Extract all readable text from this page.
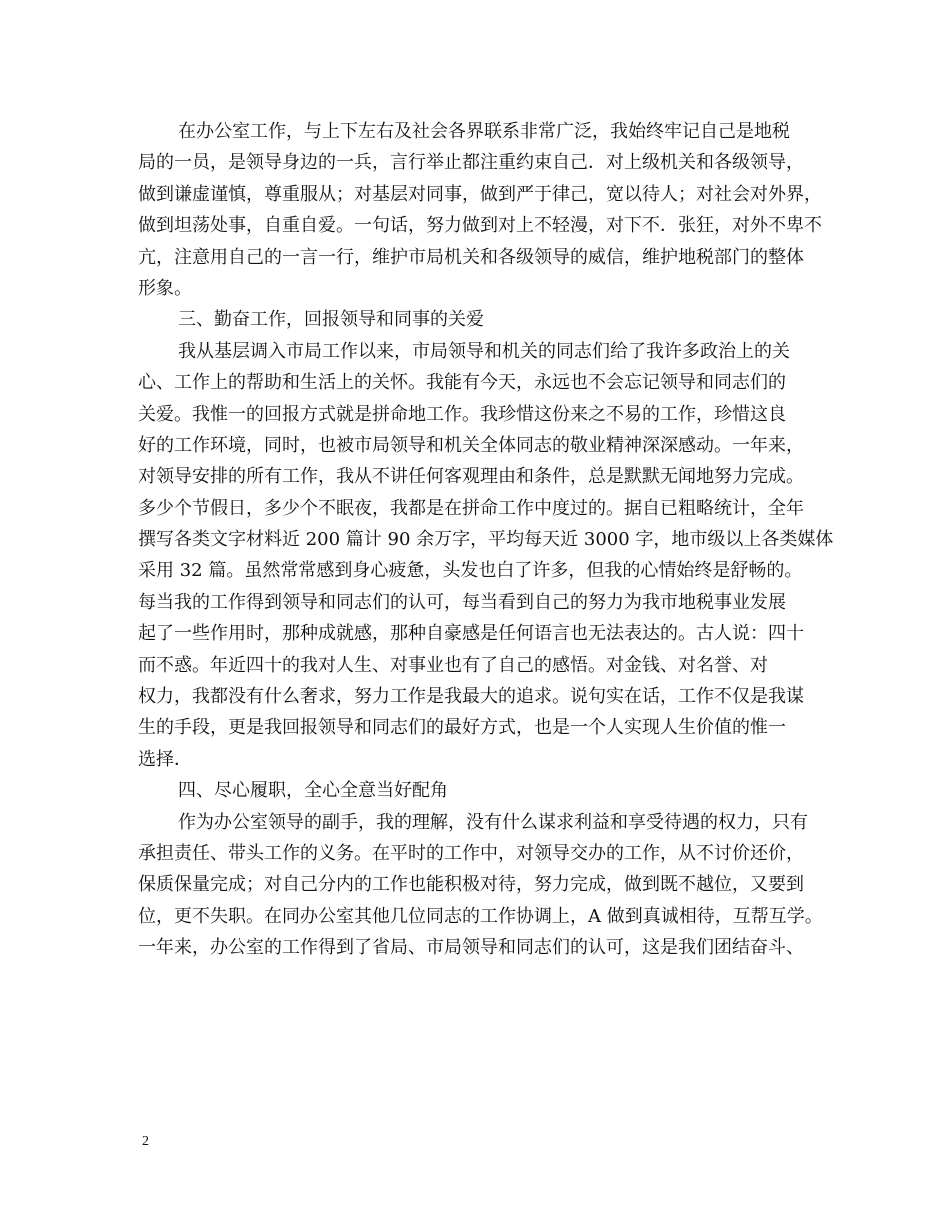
在办公室工作，与上下左右及社会各界联系非常广泛，我始终牢记自己是地税
局的一员，是领导身边的一兵，言行举止都注重约束自己．对上级机关和各级领导，
做到谦虚谨慎，尊重服从；对基层对同事，做到严于律己，宽以待人；对社会对外界，
做到坦荡处事，自重自爱。一句话，努力做到对上不轻漫，对下不．张狂，对外不卑不
亢，注意用自己的一言一行，维护市局机关和各级领导的威信，维护地税部门的整体
形象。
三、勤奋工作，回报领导和同事的关爱
我从基层调入市局工作以来，市局领导和机关的同志们给了我许多政治上的关
心、工作上的帮助和生活上的关怀。我能有今天，永远也不会忘记领导和同志们的
关爱。我惟一的回报方式就是拼命地工作。我珍惜这份来之不易的工作，珍惜这良
好的工作环境，同时，也被市局领导和机关全体同志的敬业精神深深感动。一年来，
对领导安排的所有工作，我从不讲任何客观理由和条件，总是默默无闻地努力完成。
多少个节假日，多少个不眠夜，我都是在拼命工作中度过的。据自已粗略统计，全年
撰写各类文字材料近 200 篇计 90 余万字，平均每天近 3000 字，地市级以上各类媒体
采用 32 篇。虽然常常感到身心疲惫，头发也白了许多，但我的心情始终是舒畅的。
每当我的工作得到领导和同志们的认可，每当看到自己的努力为我市地税事业发展
起了一些作用时，那种成就感，那种自豪感是任何语言也无法表达的。古人说：四十
而不惑。年近四十的我对人生、对事业也有了自己的感悟。对金钱、对名誉、对
权力，我都没有什么奢求，努力工作是我最大的追求。说句实在话，工作不仅是我谋
生的手段，更是我回报领导和同志们的最好方式，也是一个人实现人生价值的惟一
选择．
四、尽心履职，全心全意当好配角
作为办公室领导的副手，我的理解，没有什么谋求利益和享受待遇的权力，只有
承担责任、带头工作的义务。在平时的工作中，对领导交办的工作，从不讨价还价，
保质保量完成；对自己分内的工作也能积极对待，努力完成，做到既不越位，又要到
位，更不失职。在同办公室其他几位同志的工作协调上，A 做到真诚相待，互帮互学。
一年来，办公室的工作得到了省局、市局领导和同志们的认可，这是我们团结奋斗、
2
